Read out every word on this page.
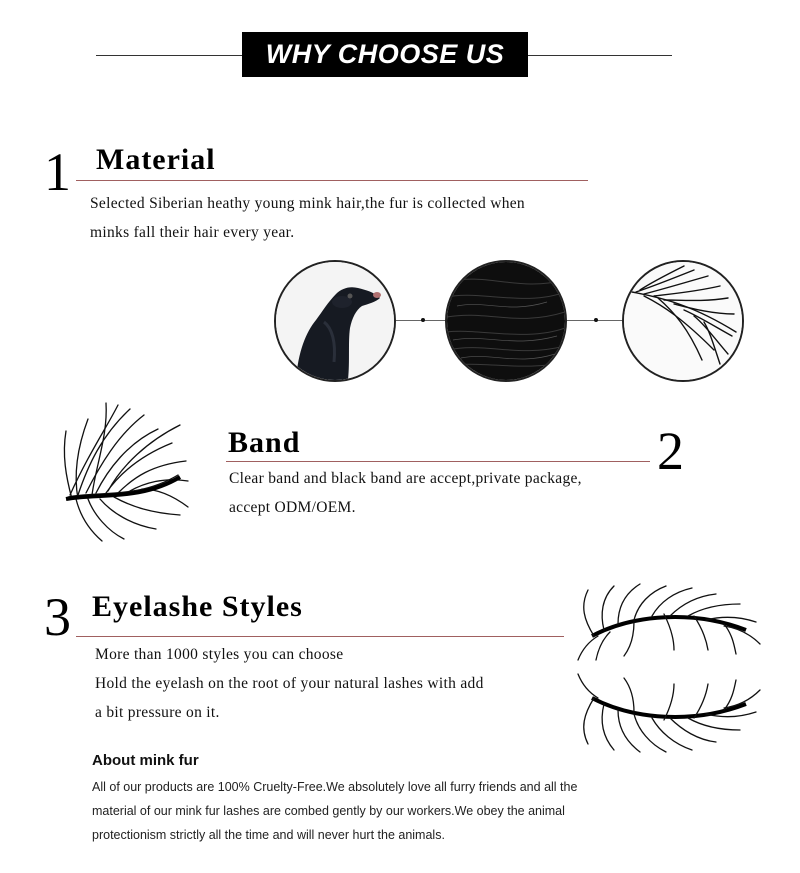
WHY CHOOSE US
1 Material
Selected Siberian heathy young mink hair,the fur is collected when
minks fall their hair every year.
Band	2
Clear band and black band are accept,private package,
accept ODM/OEM.
3 Eyelashe Styles
More than 1000 styles you can choose
Hold the eyelash on the root of your natural lashes with add
a bit pressure on it.
About mink fur
All of our products are 100% Cruelty-Free.We absolutely love all furry friends and all the
material of our mink fur lashes are combed gently by our workers.We obey the animal
protectionism strictly all the time and will never hurt the animals.
